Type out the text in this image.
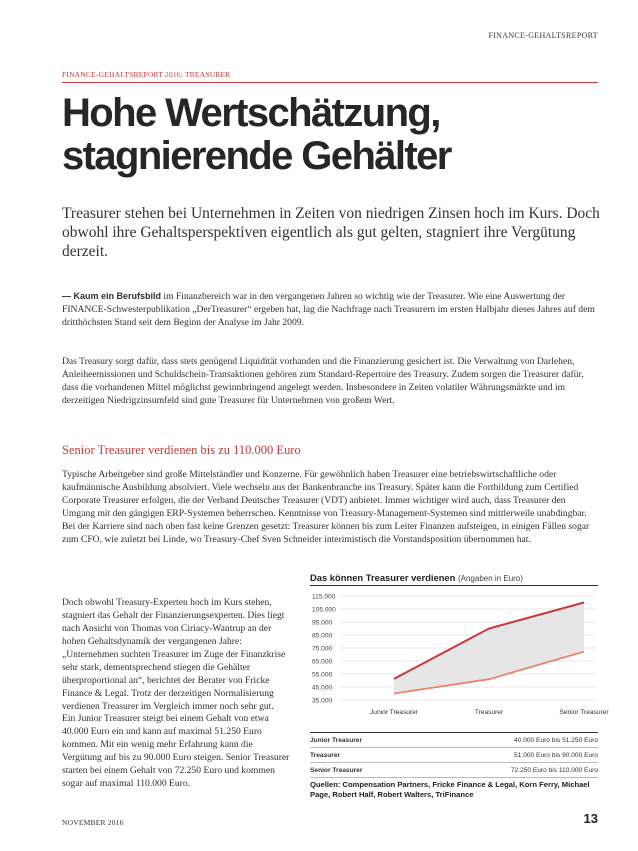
FINANCE-GEHALTSREPORT
FINANCE-GEHALTSREPORT 2016: TREASURER
Hohe Wertschätzung,
stagnierende Gehälter

Treasurer stehen bei Unternehmen in Zeiten von niedrigen Zinsen hoch im Kurs. Doch obwohl ihre Gehaltsperspektiven eigentlich als gut gelten, stagniert ihre Vergütung derzeit.

— Kaum ein Berufsbild im Finanzbereich war in den vergangenen Jahren so wichtig wie der Treasurer. Wie eine Auswertung der FINANCE-Schwesterpublikation „DerTreasurer“ ergeben hat, lag die Nachfrage nach Treasurern im ersten Halbjahr dieses Jahres auf dem dritthöchsten Stand seit dem Beginn der Analyse im Jahr 2009.

Das Treasury sorgt dafür, dass stets genügend Liquidität vorhanden und die Finanzierung gesichert ist. Die Verwaltung von Darlehen, Anleiheemissionen und Schuldschein-Transaktionen gehören zum Standard-Repertoire des Treasury. Zudem sorgen die Treasurer dafür, dass die vorhandenen Mittel möglichst gewinnbringend angelegt werden. Insbesondere in Zeiten volatiler Währungsmärkte und im derzeitigen Niedrigzinsumfeld sind gute Treasurer für Unternehmen von großem Wert.

Senior Treasurer verdienen bis zu 110.000 Euro

Typische Arbeitgeber sind große Mittelständler und Konzerne. Für gewöhnlich haben Treasurer eine betriebswirtschaftliche oder kaufmännische Ausbildung absolviert. Viele wechseln aus der Bankenbranche ins Treasury. Später kann die Fortbildung zum Certified Corporate Treasurer erfolgen, die der Verband Deutscher Treasurer (VDT) anbietet. Immer wichtiger wird auch, dass Treasurer den Umgang mit den gängigen ERP-Systemen beherrschen. Kenntnisse von Treasury-Management-Systemen sind mittlerweile unabdingbar. Bei der Karriere sind nach oben fast keine Grenzen gesetzt: Treasurer können bis zum Leiter Finanzen aufsteigen, in einigen Fällen sogar zum CFO, wie zuletzt bei Linde, wo Treasury-Chef Sven Schneider interimistisch die Vorstandsposition übernommen hat.

Doch obwohl Treasury-Experten hoch im Kurs stehen, stagniert das Gehalt der Finanzierungsexperten. Dies liegt nach Ansicht von Thomas von Ciriacy-Wantrup an der hohen Gehaltsdynamik der vergangenen Jahre: „Unternehmen suchten Treasurer im Zuge der Finanzkrise sehr stark, dementsprechend stiegen die Gehälter überproportional an“, berichtet der Berater von Fricke Finance & Legal. Trotz der derzeitigen Normalisierung verdienen Treasurer im Vergleich immer noch sehr gut.

Ein Junior Treasurer steigt bei einem Gehalt von etwa 40.000 Euro ein und kann auf maximal 51.250 Euro kommen. Mit ein wenig mehr Erfahrung kann die Vergütung auf bis zu 90.000 Euro steigen. Senior Treasurer starten bei einem Gehalt von 72.250 Euro und kommen sogar auf maximal 110.000 Euro.

Das können Treasurer verdienen (Angaben in Euro)
115.000
105.000
95.000
85.000
75.000
65.000
55.000
45.000
35.000
Junior Treasurer	Treasurer	Senior Treasurer
Junior Treasurer	40.000 Euro bis 51.250 Euro
Treasurer	51.000 Euro bis 90.000 Euro
Senior Treasurer	72.250 Euro bis 110.000 Euro

Quellen: Compensation Partners, Fricke Finance & Legal, Korn Ferry, Michael Page, Robert Half, Robert Walters, TriFinance

NOVEMBER 2016	13
